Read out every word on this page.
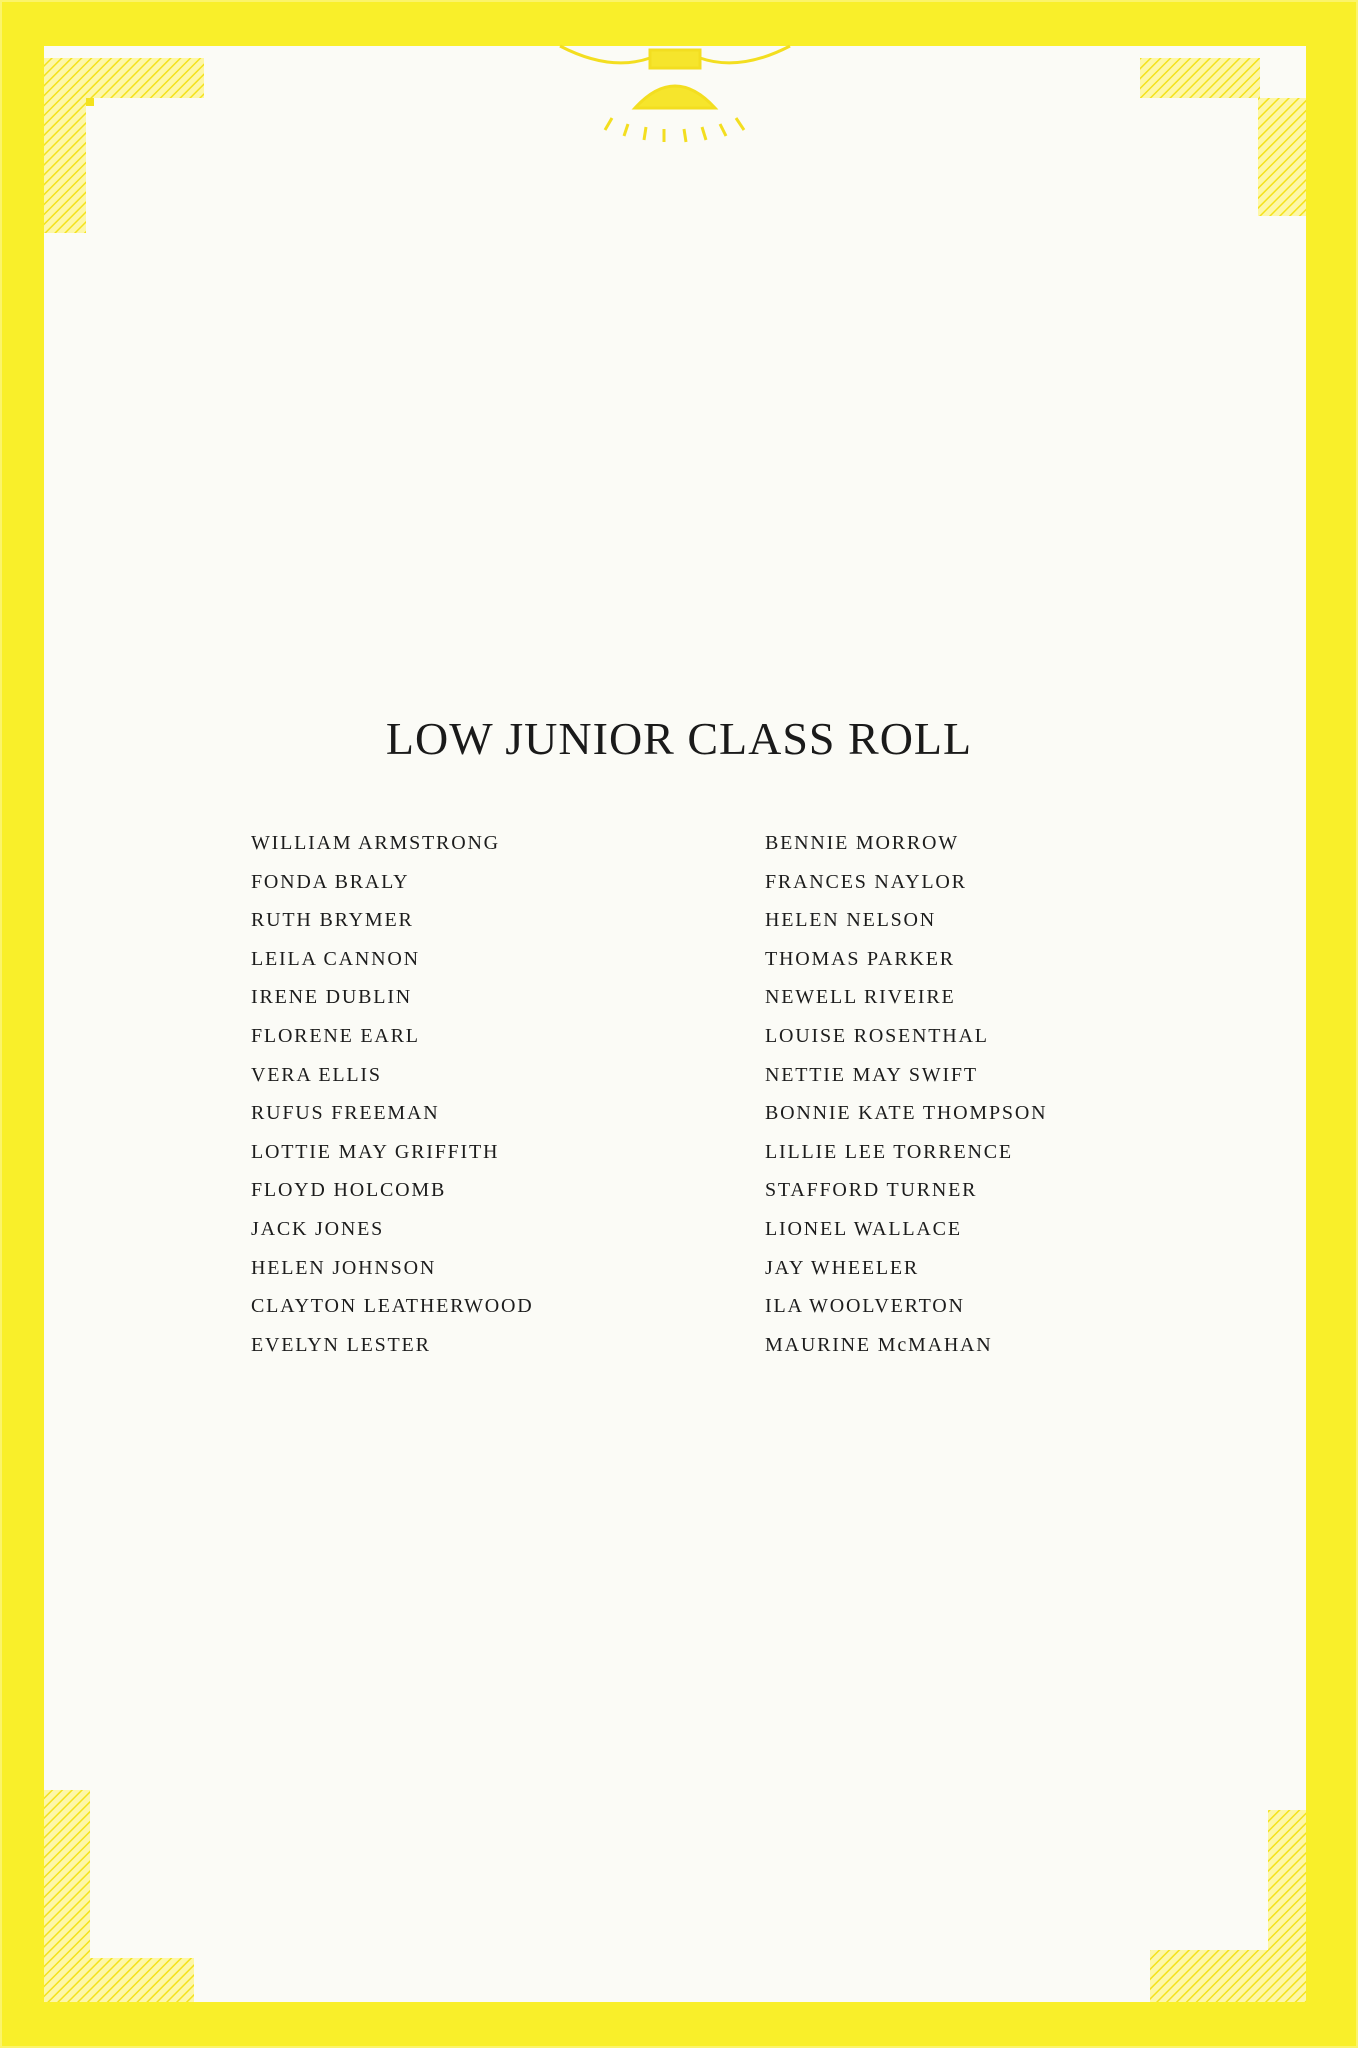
LOW JUNIOR CLASS ROLL
WILLIAM ARMSTRONG
FONDA BRALY
RUTH BRYMER
LEILA CANNON
IRENE DUBLIN
FLORENE EARL
VERA ELLIS
RUFUS FREEMAN
LOTTIE MAY GRIFFITH
FLOYD HOLCOMB
JACK JONES
HELEN JOHNSON
CLAYTON LEATHERWOOD
EVELYN LESTER
BENNIE MORROW
FRANCES NAYLOR
HELEN NELSON
THOMAS PARKER
NEWELL RIVEIRE
LOUISE ROSENTHAL
NETTIE MAY SWIFT
BONNIE KATE THOMPSON
LILLIE LEE TORRENCE
STAFFORD TURNER
LIONEL WALLACE
JAY WHEELER
ILA WOOLVERTON
MAURINE McMAHAN
